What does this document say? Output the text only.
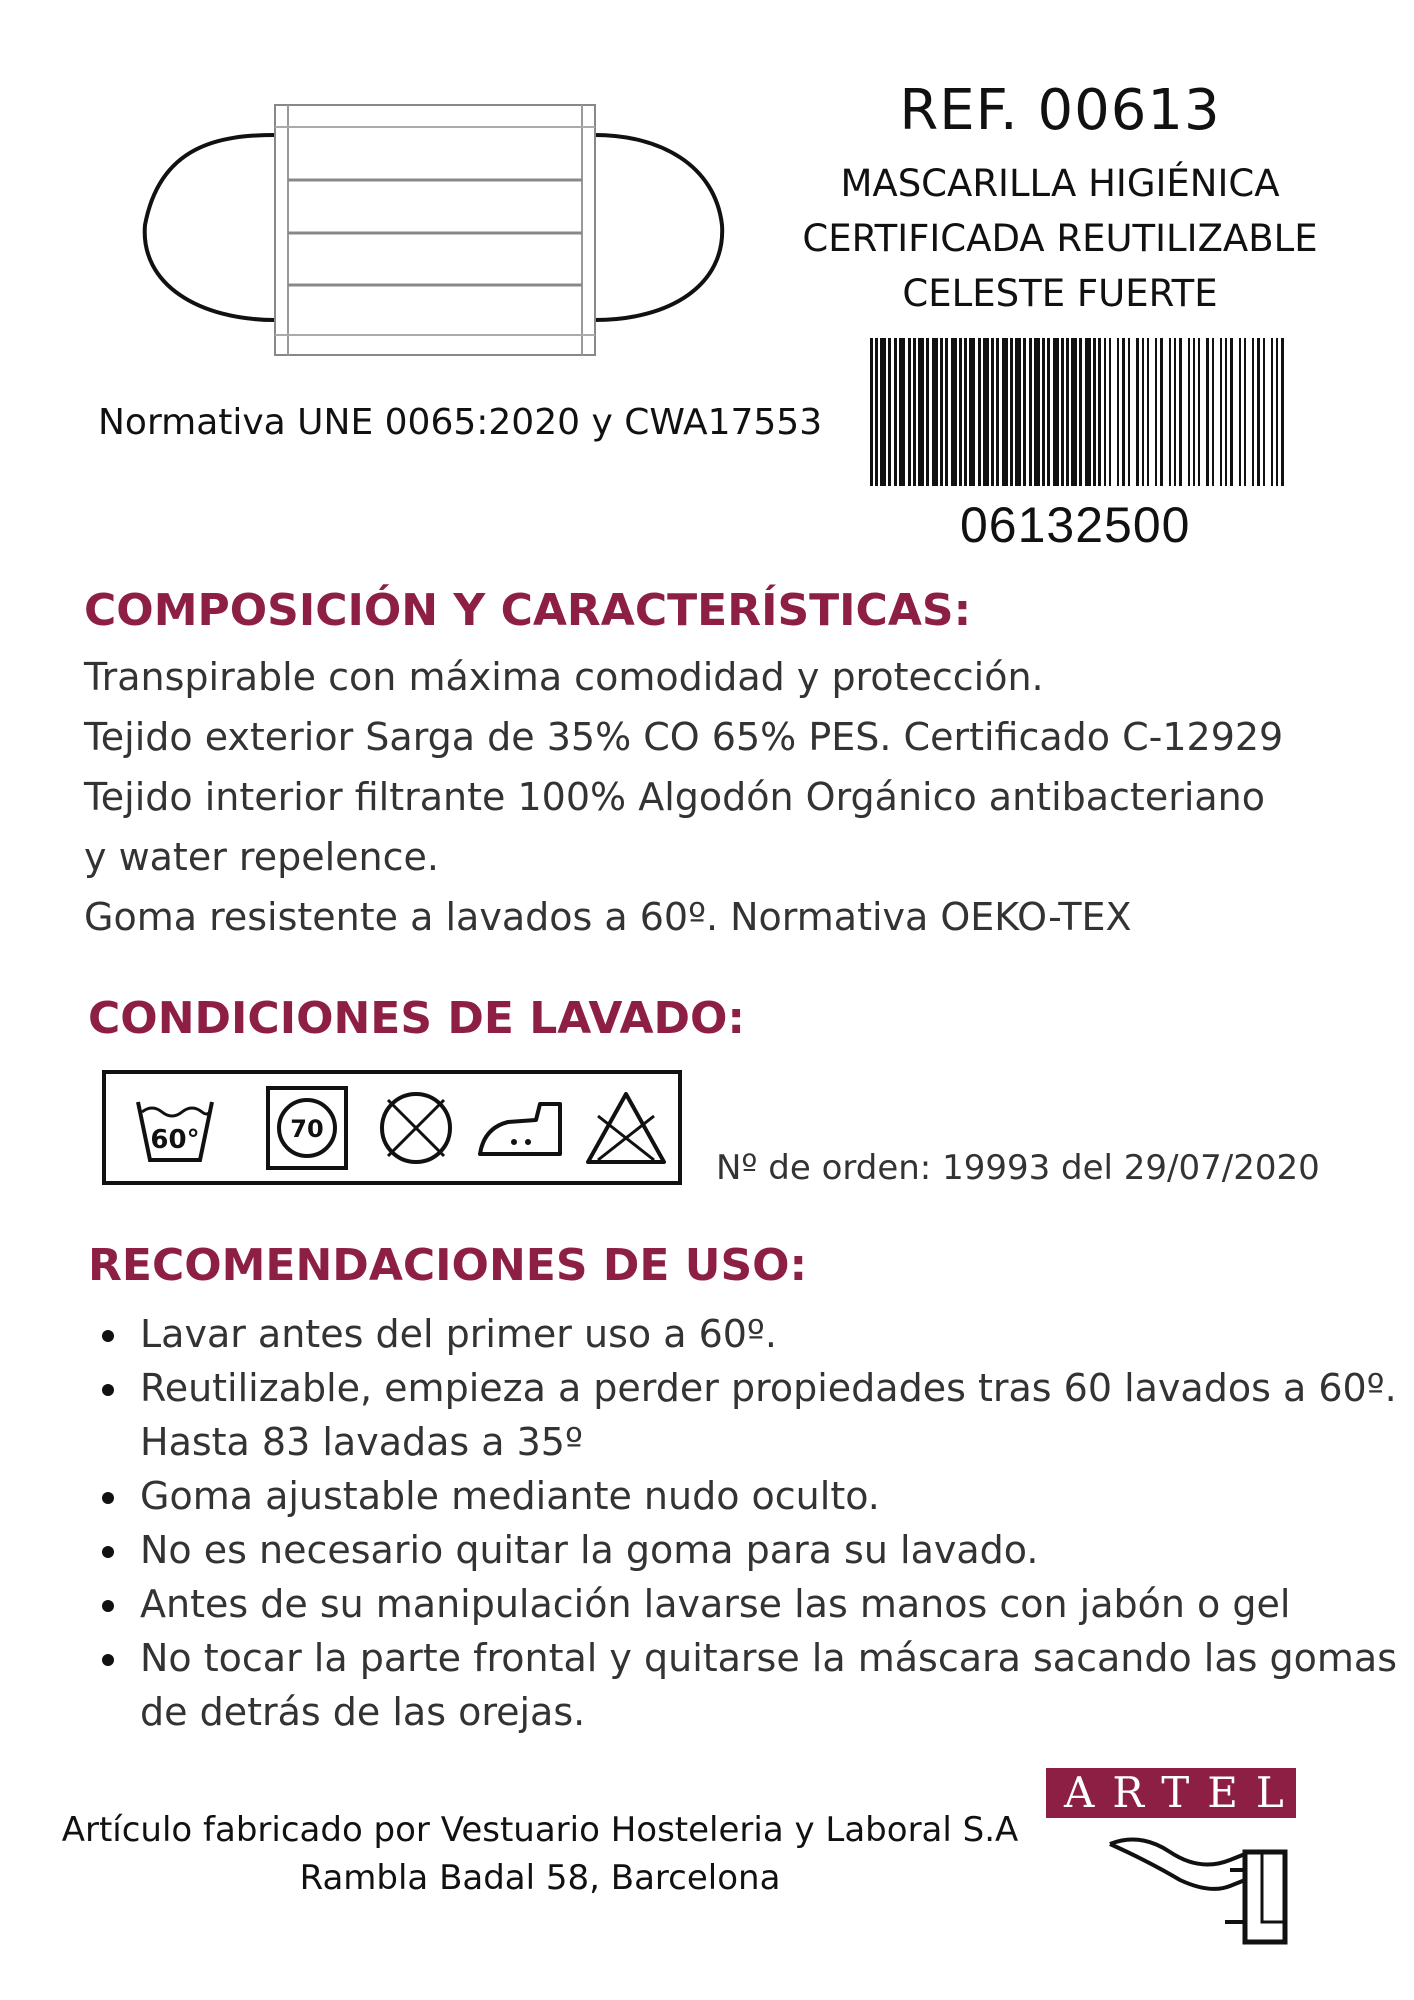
REF. 00613
MASCARILLA HIGIÉNICA
CERTIFICADA REUTILIZABLE
CELESTE FUERTE
Normativa UNE 0065:2020 y CWA17553
06132500
COMPOSICIÓN Y CARACTERÍSTICAS:
Transpirable con máxima comodidad y protección.
Tejido exterior Sarga de 35% CO 65% PES. Certificado C-12929
Tejido interior filtrante 100% Algodón Orgánico antibacteriano
y water repelence.
Goma resistente a lavados a 60º. Normativa OEKO-TEX
CONDICIONES DE LAVADO:
60°	70
Nº de orden: 19993 del 29/07/2020
RECOMENDACIONES DE USO:
Lavar antes del primer uso a 60º.
Reutilizable, empieza a perder propiedades tras 60 lavados a 60º. Hasta 83 lavadas a 35º
Goma ajustable mediante nudo oculto.
No es necesario quitar la goma para su lavado.
Antes de su manipulación lavarse las manos con jabón o gel
No tocar la parte frontal y quitarse la máscara sacando las gomas de detrás de las orejas.
Artículo fabricado por Vestuario Hosteleria y Laboral S.A
Rambla Badal 58, Barcelona
ARTEL
